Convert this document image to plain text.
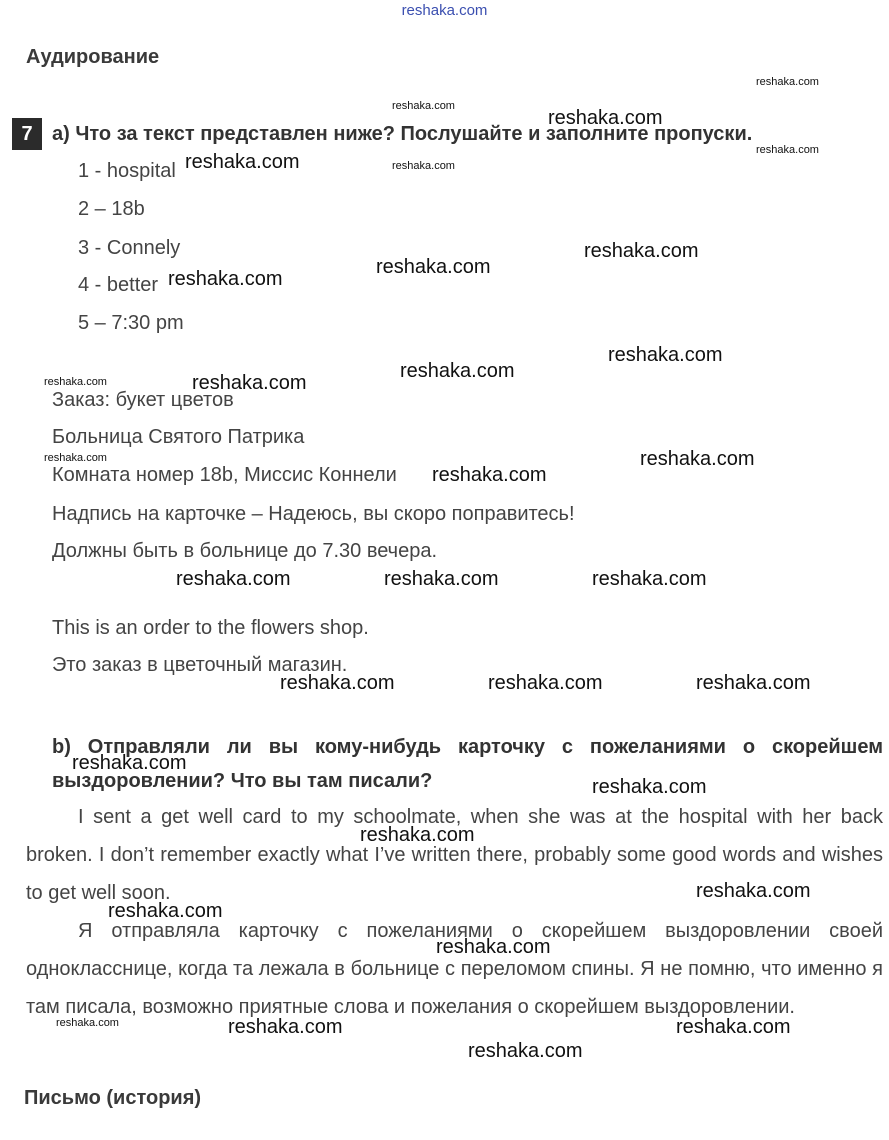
reshaka.com
Аудирование
7 a) Что за текст представлен ниже? Послушайте и заполните пропуски.
1 - hospital
2 – 18b
3 - Connely
4 - better
5 – 7:30 pm
Заказ: букет цветов
Больница Святого Патрика
Комната номер 18b, Миссис Коннели
Надпись на карточке – Надеюсь, вы скоро поправитесь!
Должны быть в больнице до 7.30 вечера.
This is an order to the flowers shop.
Это заказ в цветочный магазин.
b) Отправляли ли вы кому-нибудь карточку с пожеланиями о скорейшем выздоровлении? Что вы там писали?
I sent a get well card to my schoolmate, when she was at the hospital with her back broken. I don’t remember exactly what I’ve written there, probably some good words and wishes to get well soon.
Я отправляла карточку с пожеланиями о скорейшем выздоровлении своей однокласснице, когда та лежала в больнице с переломом спины. Я не помню, что именно я там писала, возможно приятные слова и пожелания о скорейшем выздоровлении.
Письмо (история)
reshaka.com
reshaka.com
reshaka.com
reshaka.com
reshaka.com	reshaka.com
reshaka.com
reshaka.com
reshaka.com
reshaka.com
reshaka.com
reshaka.com
reshaka.com
reshaka.com	reshaka.com
reshaka.com
reshaka.com	reshaka.com	reshaka.com
reshaka.com	reshaka.com	reshaka.com
reshaka.com
reshaka.com
reshaka.com
reshaka.com
reshaka.com
reshaka.com
reshaka.com	reshaka.com	reshaka.com
reshaka.com
